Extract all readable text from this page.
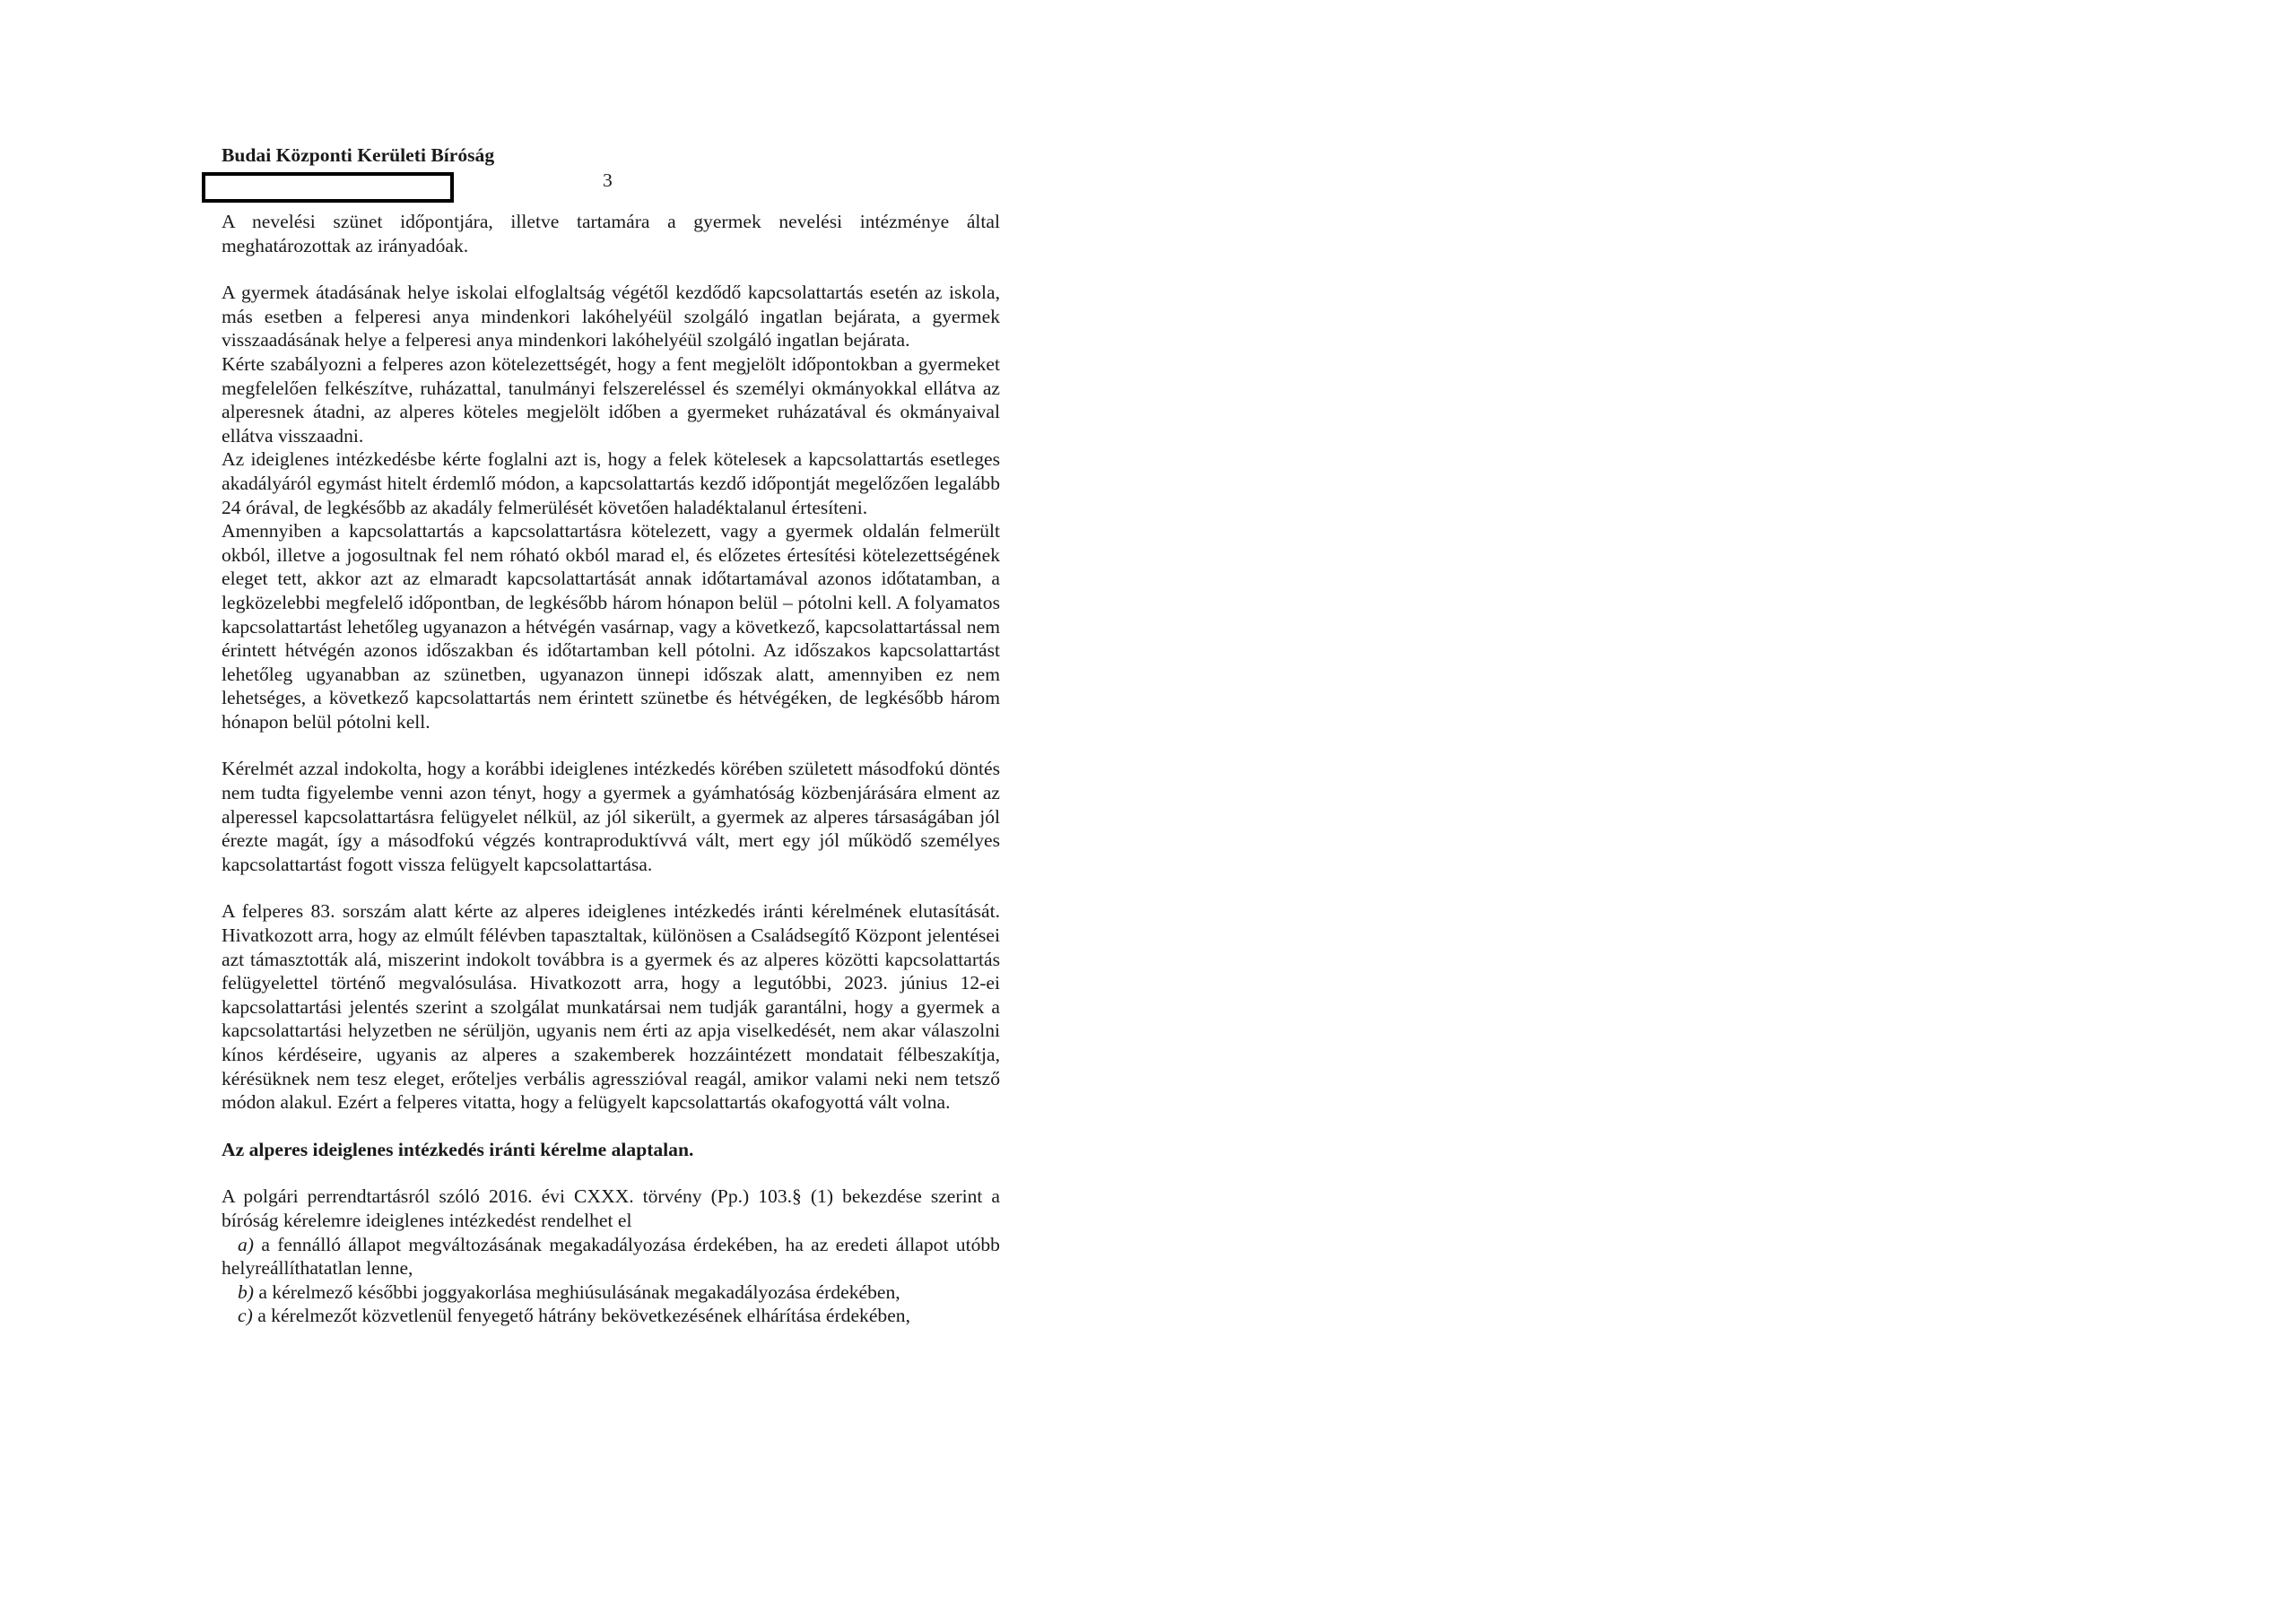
Budai Központi Kerületi Bíróság
3

A nevelési szünet időpontjára, illetve tartamára a gyermek nevelési intézménye által meghatározottak az irányadóak.

A gyermek átadásának helye iskolai elfoglaltság végétől kezdődő kapcsolattartás esetén az iskola, más esetben a felperesi anya mindenkori lakóhelyéül szolgáló ingatlan bejárata, a gyermek visszaadásának helye a felperesi anya mindenkori lakóhelyéül szolgáló ingatlan bejárata.

Kérte szabályozni a felperes azon kötelezettségét, hogy a fent megjelölt időpontokban a gyermeket megfelelően felkészítve, ruházattal, tanulmányi felszereléssel és személyi okmányokkal ellátva az alperesnek átadni, az alperes köteles megjelölt időben a gyermeket ruházatával és okmányaival ellátva visszaadni.

Az ideiglenes intézkedésbe kérte foglalni azt is, hogy a felek kötelesek a kapcsolattartás esetleges akadályáról egymást hitelt érdemlő módon, a kapcsolattartás kezdő időpontját megelőzően legalább 24 órával, de legkésőbb az akadály felmerülését követően haladéktalanul értesíteni.

Amennyiben a kapcsolattartás a kapcsolattartásra kötelezett, vagy a gyermek oldalán felmerült okból, illetve a jogosultnak fel nem róható okból marad el, és előzetes értesítési kötelezettségének eleget tett, akkor azt az elmaradt kapcsolattartását annak időtartamával azonos időtatamban, a legközelebbi megfelelő időpontban, de legkésőbb három hónapon belül – pótolni kell. A folyamatos kapcsolattartást lehetőleg ugyanazon a hétvégén vasárnap, vagy a következő, kapcsolattartással nem érintett hétvégén azonos időszakban és időtartamban kell pótolni. Az időszakos kapcsolattartást lehetőleg ugyanabban az szünetben, ugyanazon ünnepi időszak alatt, amennyiben ez nem lehetséges, a következő kapcsolattartás nem érintett szünetbe és hétvégéken, de legkésőbb három hónapon belül pótolni kell.

Kérelmét azzal indokolta, hogy a korábbi ideiglenes intézkedés körében született másodfokú döntés nem tudta figyelembe venni azon tényt, hogy a gyermek a gyámhatóság közbenjárására elment az alperessel kapcsolattartásra felügyelet nélkül, az jól sikerült, a gyermek az alperes társaságában jól érezte magát, így a másodfokú végzés kontraproduktívvá vált, mert egy jól működő személyes kapcsolattartást fogott vissza felügyelt kapcsolattartása.

A felperes 83. sorszám alatt kérte az alperes ideiglenes intézkedés iránti kérelmének elutasítását. Hivatkozott arra, hogy az elmúlt félévben tapasztaltak, különösen a Családsegítő Központ jelentései azt támasztották alá, miszerint indokolt továbbra is a gyermek és az alperes közötti kapcsolattartás felügyelettel történő megvalósulása. Hivatkozott arra, hogy a legutóbbi, 2023. június 12-ei kapcsolattartási jelentés szerint a szolgálat munkatársai nem tudják garantálni, hogy a gyermek a kapcsolattartási helyzetben ne sérüljön, ugyanis nem érti az apja viselkedését, nem akar válaszolni kínos kérdéseire, ugyanis az alperes a szakemberek hozzáintézett mondatait félbeszakítja, kérésüknek nem tesz eleget, erőteljes verbális agresszióval reagál, amikor valami neki nem tetsző módon alakul. Ezért a felperes vitatta, hogy a felügyelt kapcsolattartás okafogyottá vált volna.

Az alperes ideiglenes intézkedés iránti kérelme alaptalan.

A polgári perrendtartásról szóló 2016. évi CXXX. törvény (Pp.) 103.§ (1) bekezdése szerint a bíróság kérelemre ideiglenes intézkedést rendelhet el

a) a fennálló állapot megváltozásának megakadályozása érdekében, ha az eredeti állapot utóbb helyreállíthatatlan lenne,

b) a kérelmező későbbi joggyakorlása meghiúsulásának megakadályozása érdekében,

c) a kérelmezőt közvetlenül fenyegető hátrány bekövetkezésének elhárítása érdekében,
